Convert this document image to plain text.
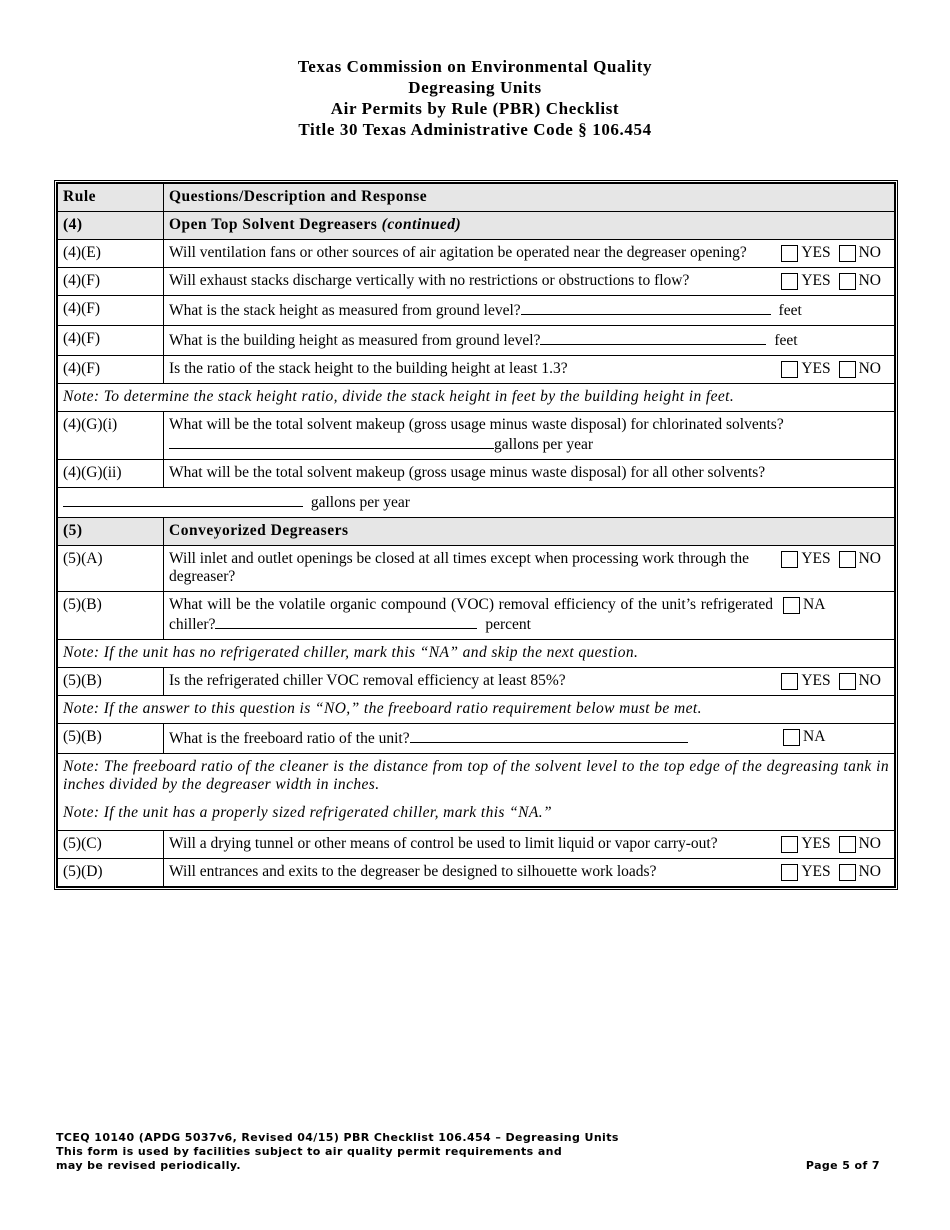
Texas Commission on Environmental Quality
Degreasing Units
Air Permits by Rule (PBR) Checklist
Title 30 Texas Administrative Code § 106.454
Rule	Questions/Description and Response
(4)	Open Top Solvent Degreasers (continued)
(4)(E)	Will ventilation fans or other sources of air agitation be operated near the degreaser opening? YES NO

(4)(F)	Will exhaust stacks discharge vertically with no restrictions or obstructions to flow? YES NO

(4)(F)	What is the stack height as measured from ground level? feet
(4)(F)	What is the building height as measured from ground level? feet
(4)(F)	Is the ratio of the stack height to the building height at least 1.3? YES NO

Note: To determine the stack height ratio, divide the stack height in feet by the building height in feet.	
(4)(G)(i)	What will be the total solvent makeup (gross usage minus waste disposal) for chlorinated solvents?gallons per year
(4)(G)(ii)	What will be the total solvent makeup (gross usage minus waste disposal) for all other solvents?
gallons per year	
(5)	Conveyorized Degreasers
(5)(A)	Will inlet and outlet openings be closed at all times except when processing work through the degreaser?
YES NO

(5)(B)	What will be the volatile organic compound (VOC) removal efficiency of the unit’s refrigerated chiller? percent
NA

Note: If the unit has no refrigerated chiller, mark this “NA” and skip the next question.	
(5)(B)	Is the refrigerated chiller VOC removal efficiency at least 85%? YES NO

Note: If the answer to this question is “NO,” the freeboard ratio requirement below must be met.	
(5)(B)	What is the freeboard ratio of the unit? NA

Note: The freeboard ratio of the cleaner is the distance from top of the solvent level to the top edge of the degreasing tank in inches divided by the degreaser width in inches.
Note: If the unit has a properly sized refrigerated chiller, mark this “NA.”	

(5)(C)	Will a drying tunnel or other means of control be used to limit liquid or vapor carry-out? YES NO

(5)(D)	Will entrances and exits to the degreaser be designed to silhouette work loads? YES NO
TCEQ 10140 (APDG 5037v6, Revised 04/15) PBR Checklist 106.454 – Degreasing Units
This form is used by facilities subject to air quality permit requirements and
may be revised periodically.	Page 5 of 7
